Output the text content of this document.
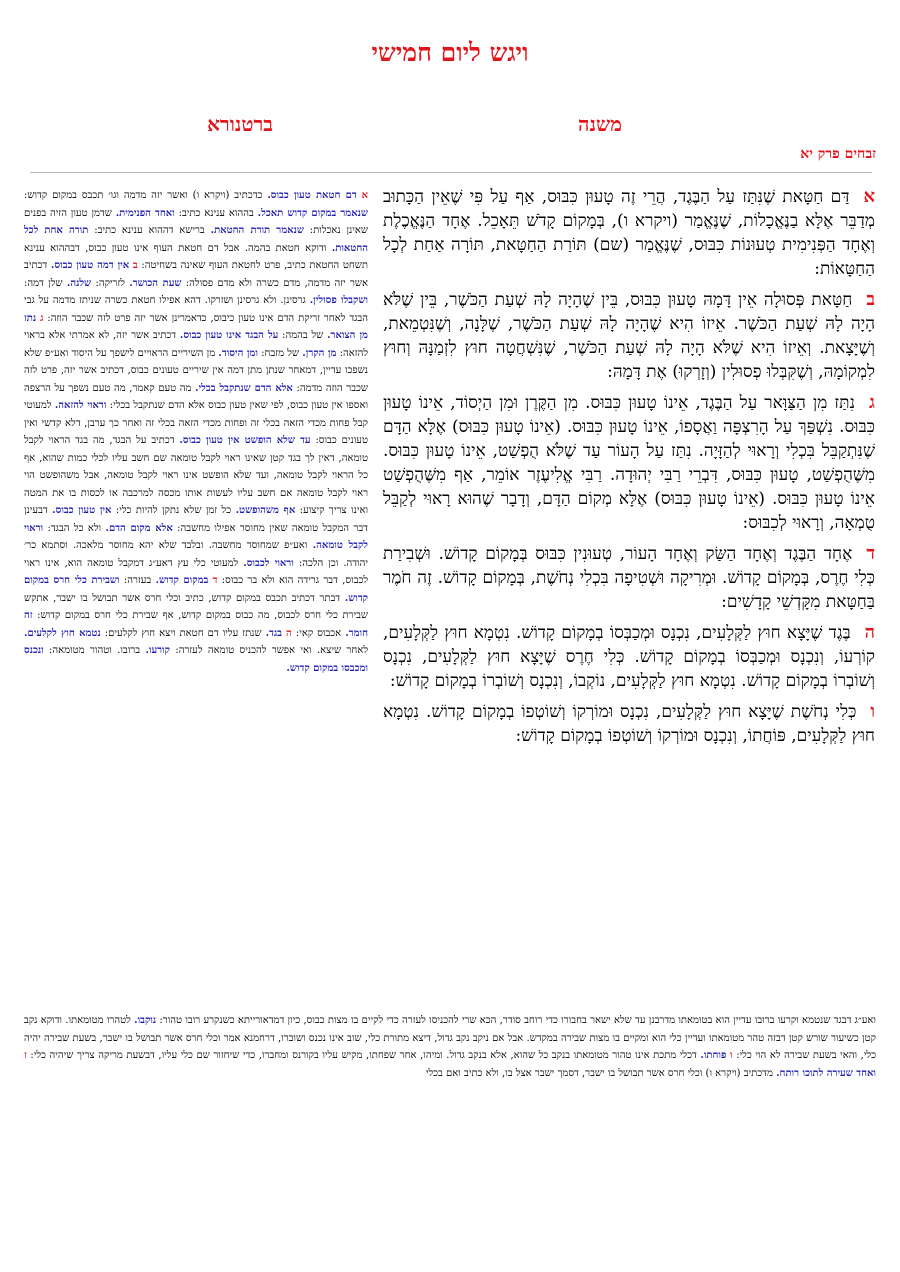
ויגש ליום חמישי
משנה
ברטנורא
זבחים פרק יא

אדַּם חַטָּאת שֶׁנִּתַּז עַל הַבֶּגֶד, הֲרֵי זֶה טָעוּן כִּבּוּס, אַף עַל פִּי שֶׁאֵין הַכָּתוּב מְדַבֵּר אֶלָּא בַנֶּאֱכָלוֹת, שֶׁנֶּאֱמַר (ויקרא ו), בְּמָקוֹם קָדֹשׁ תֵּאָכֵל. אֶחָד הַנֶּאֱכֶלֶת וְאֶחָד הַפְּנִימִית טְעוּנוֹת כִּבּוּס, שֶׁנֶּאֱמַר (שם) תּוֹרַת הַחַטָּאת, תּוֹרָה אַחַת לְכָל הַחַטָּאוֹת:

בחַטָּאת פְּסוּלָה אֵין דָּמָהּ טָעוּן כִּבּוּס, בֵּין שֶׁהָיָה לָהּ שְׁעַת הַכֹּשֶׁר, בֵּין שֶׁלֹּא הָיָה לָהּ שְׁעַת הַכֹּשֶׁר. אֵיזוֹ הִיא שֶׁהָיָה לָהּ שְׁעַת הַכֹּשֶׁר, שֶׁלָּנָה, וְשֶׁנִּטְמֵאת, וְשֶׁיָּצָאת. וְאֵיזוֹ הִיא שֶׁלֹּא הָיָה לָהּ שְׁעַת הַכֹּשֶׁר, שֶׁנִּשְׁחֲטָה חוּץ לִזְמַנָּהּ וְחוּץ לִמְקוֹמָהּ, וְשֶׁקִּבְּלוּ פְסוּלִין (וְזָרְקוּ) אֶת דָּמָהּ:

גנִתַּז מִן הַצַּוָּאר עַל הַבֶּגֶד, אֵינוֹ טָעוּן כִּבּוּס. מִן הַקֶּרֶן וּמִן הַיְסוֹד, אֵינוֹ טָעוּן כִּבּוּס. נִשְׁפַּךְ עַל הָרִצְפָּה וַאֲסָפוֹ, אֵינוֹ טָעוּן כִּבּוּס. (אֵינוֹ טָעוּן כִּבּוּס) אֶלָּא הַדָּם שֶׁנִּתְקַבֵּל בִּכְלִי וְרָאוּי לְהַזָּיָה. נִתַּז עַל הָעוֹר עַד שֶׁלֹּא הֻפְשַׁט, אֵינוֹ טָעוּן כִּבּוּס. מִשֶּׁהֻפְשַׁט, טָעוּן כִּבּוּס, דִּבְרֵי רַבִּי יְהוּדָה. רַבִּי אֱלִיעֶזֶר אוֹמֵר, אַף מִשֶּׁהֻפְשַׁט אֵינוֹ טָעוּן כִּבּוּס. (אֵינוֹ טָעוּן כִּבּוּס) אֶלָּא מְקוֹם הַדָּם, וְדָבָר שֶׁהוּא רָאוּי לְקַבֵּל טֻמְאָה, וְרָאוּי לְכִבּוּס:

דאֶחָד הַבֶּגֶד וְאֶחָד הַשַּׂק וְאֶחָד הָעוֹר, טְעוּנִין כִּבּוּס בְּמָקוֹם קָדוֹשׁ. וּשְׁבִירַת כְּלִי חֶרֶס, בְּמָקוֹם קָדוֹשׁ. וּמְרִיקָה וּשְׁטִיפָה בִּכְלִי נְחֹשֶׁת, בְּמָקוֹם קָדוֹשׁ. זֶה חֹמֶר בַּחַטָּאת מִקָּדְשֵׁי קָדָשִׁים:

הבֶּגֶד שֶׁיָּצָא חוּץ לַקְּלָעִים, נִכְנָס וּמְכַבְּסוֹ בְמָקוֹם קָדוֹשׁ. נִטְמָא חוּץ לַקְּלָעִים, קוֹרְעוֹ, וְנִכְנָס וּמְכַבְּסוֹ בְמָקוֹם קָדוֹשׁ. כְּלִי חֶרֶס שֶׁיָּצָא חוּץ לַקְּלָעִים, נִכְנָס וְשׁוֹבְרוֹ בְמָקוֹם קָדוֹשׁ. נִטְמָא חוּץ לַקְּלָעִים, נוֹקְבוֹ, וְנִכְנָס וְשׁוֹבְרוֹ בְמָקוֹם קָדוֹשׁ:

וכְּלִי נְחֹשֶׁת שֶׁיָּצָא חוּץ לַקְּלָעִים, נִכְנָס וּמוֹרְקוֹ וְשׁוֹטְפוֹ בְמָקוֹם קָדוֹשׁ. נִטְמָא חוּץ לַקְּלָעִים, פּוֹחֲתוֹ, וְנִכְנָס וּמוֹרְקוֹ וְשׁוֹטְפוֹ בְמָקוֹם קָדוֹשׁ:

א דם חטאת טעון כבוס. כדכתיב (ויקרא ו) ואשר יזה מדמה וגו׳ תכבס במקום קדוש: שנאמר במקום קדוש תאכל. בההוא ענינא כתיב: ואחד הפנימית. שדמן טעון הזיה בפנים שאינן נאכלות: שנאמר תורת החטאת. ברישא דההוא ענינא כתיב: תורה אחת לכל החטאות. ודוקא חטאת בהמה. אבל דם חטאת העוף אינו טעון כבוס, דבההוא ענינא תשחט החטאת כתיב, פרט לחטאת העוף שאינה בשחיטה: ב אין דמה טעון כבוס. דכתיב אשר יזה מדמה, מדם כשרה ולא מדם פסולה: שעת הכושר. לזריקה: שלנה. שלן דמה: ושקבלו פסולין. גרסינן. ולא גרסינן ושזרקו. דהא אפילו חטאת כשרה שניתז מדמה על גבי הבגד לאחר זריקת הדם אינו טעון כיבוס, כדאמרינן אשר יזה פרט לזה שכבר הוזה: ג נתז מן הצואר. של בהמה: על הבגד אינו טעון כבוס. דכתיב אשר יזה, לא אמרתי אלא בראוי להזאה: מן הקרן. של מזבח: ומן היסוד. מן השיריים הראויים לישפך על היסוד ואע״פ שלא נשפכו עדיין, דמאחר שנתן מתן דמה אין שיריים טעונים כבוס, דכתיב אשר יזה, פרט לזה שכבר הוזה מדמה: אלא הדם שנתקבל בכלי. מה טעם קאמר, מה טעם נשפך על הרצפה ואספו אין טעון כבוס, לפי שאין טעון כבוס אלא הדם שנתקבל בכלי: וראוי להזאה. למעוטי קבל פחות מכדי הזאה בכלי זה ופחות מכדי הזאה בכלי זה ואחר כך ערבן, דלא קדשי ואין טעונים כבוס: עד שלא הופשט אין טעון כבוס. דכתיב על הבגד, מה בגד הראוי לקבל טומאה, דאין לך בגד קטן שאינו ראוי לקבל טומאה שם חשב עליו לכלי כמות שהוא, אף כל הראוי לקבל טומאה, ועד שלא הופשט אינו ראוי לקבל טומאה, אבל משהופשט הוי ראוי לקבל טומאה אם חשב עליו לעשות אותו מכסה למרכבה או לכסות בו את המטה ואינו צריך קיצוע: אף משהופשט. כל זמן שלא נתקן להיות כלי: אין טעון כבוס. דבעינן דבר המקבל טומאה שאין מחוסר אפילו מחשבה: אלא מקום הדם. ולא כל הבגד: וראוי לקבל טומאה. ואע״פ שמחוסר מחשבה. ובלבד שלא יהא מחוסר מלאכה. וסתמא כר׳ יהודה. וכן הלכה: וראוי לכבוס. למעוטי כלי עץ דאע״ג דמקבל טומאה הוא, אינו ראוי לכבוס, דבר גרידה הוא ולא בר כבוס: ד במקום קדוש. בעזרה: ושבירת כלי חרס במקום קדוש. דבתר דכתיב תכבס במקום קדוש, כתיב וכלי חרס אשר תבושל בו ישבר, אתקש שבירת כלי חרס לכבוס, מה כבוס במקום קדוש, אף שבירת כלי חרס במקום קדוש: זה חומר. אכבוס קאי: ה בגד. שנתז עליו דם חטאת ויצא חוץ לקלעים: נטמא חוץ לקלעים. לאחר שיצא. ואי אפשר להכניס טומאה לעזרה: קורעו. ברובו. וטהור מטומאה: ונכנס ומכבסו במקום קדוש.

ואע״ג דבגד שנטמא וקרעו ברובו עדיין הוא בטומאתו מדרבנן עד שלא ישאר בחבורו כדי רוחב סודר, הכא שרי להכניסו לעזרה כדי לקיים בו מצות כבוס, כיון דמדאורייתא כשנקרע רובו טהור: נוקבו. לטהרו מטומאתו. ודוקא נקב קטן כשיעור שורש קטן דבזה טהר מטומאתו ועדיין כלי הוא ומקיים בו מצות שבירה במקדש. אבל אם ניקב נקב גדול, דיצא מתורת כלי, שוב אינו נכנס ושוברו, דרחמנא אמר וכלי חרס אשר תבושל בו ישבר, בשעת שבירה יהיה כלי, והאי בשעת שבירה לא הוי כלי: ו פוחתו. דכלי מתכת אינו טהור מטומאתו בנקב כל שהוא, אלא בנקב גדול. ומיהו, אחר שפחתו, מקיש עליו בקורנס ומחברו, כדי שיחזור שם כלי עליו, דבשעת מריקה צריך שיהיה כלי: ז ואחד שעירה לתוכו רותח. מדכתיב (ויקרא ו) וכלי חרס אשר תבושל בו ישבר, דסמך ישבר אצל בו, ולא כתיב ואם בכלי
